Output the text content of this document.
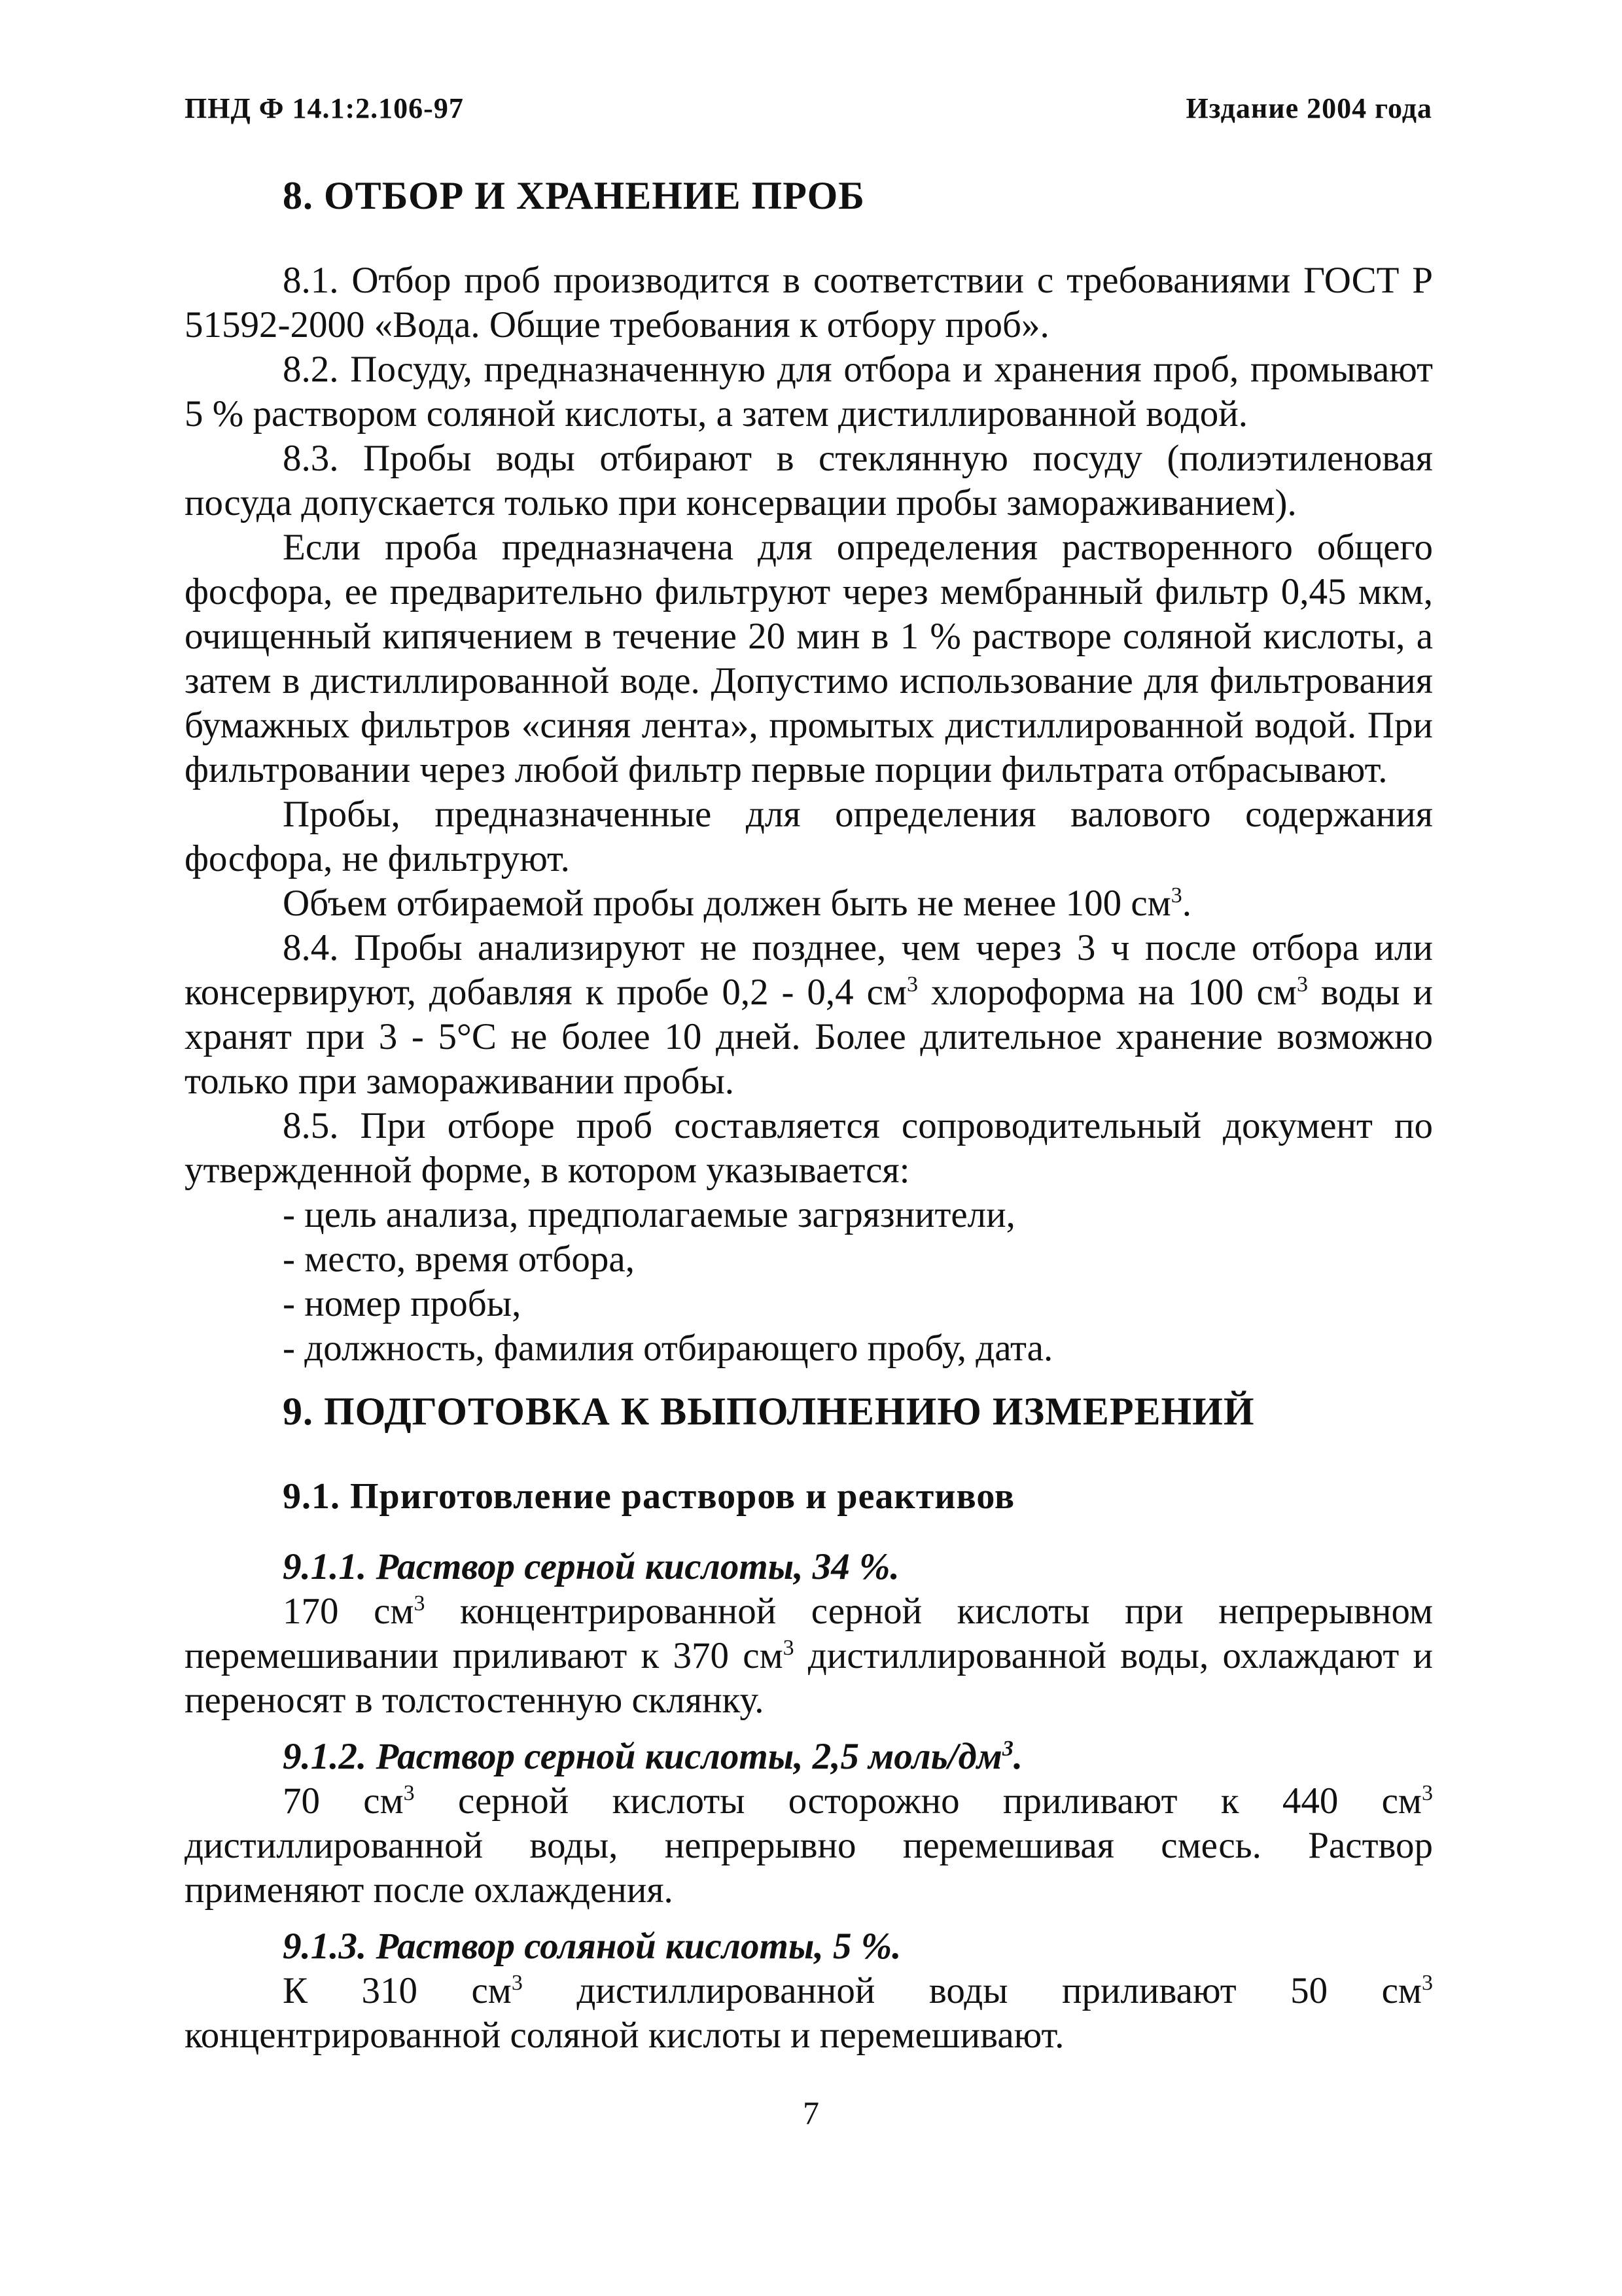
ПНД Ф 14.1:2.106-97	Издание 2004 года
8. ОТБОР И ХРАНЕНИЕ ПРОБ

8.1. Отбор проб производится в соответствии с требованиями ГОСТ Р 51592-2000 «Вода. Общие требования к отбору проб».

8.2. Посуду, предназначенную для отбора и хранения проб, промывают 5 % раствором соляной кислоты, а затем дистиллированной водой.

8.3. Пробы воды отбирают в стеклянную посуду (полиэтиленовая посуда допускается только при консервации пробы замораживанием).

Если проба предназначена для определения растворенного общего фосфора, ее предварительно фильтруют через мембранный фильтр 0,45 мкм, очищенный кипячением в течение 20 мин в 1 % растворе соляной кислоты, а затем в дистиллированной воде. Допустимо использование для фильтрования бумажных фильтров «синяя лента», промытых дистиллированной водой. При фильтровании через любой фильтр первые порции фильтрата отбрасывают.

Пробы, предназначенные для определения валового содержания фосфора, не фильтруют.

Объем отбираемой пробы должен быть не менее 100 $см^3$.

8.4. Пробы анализируют не позднее, чем через 3 ч после отбора или консервируют, добавляя к пробе 0,2 - 0,4 $см^3$ хлороформа на 100 $см^3$ воды и хранят при 3 - 5°С не более 10 дней. Более длительное хранение возможно только при замораживании пробы.

8.5. При отборе проб составляется сопроводительный документ по утвержденной форме, в котором указывается:

- цель анализа, предполагаемые загрязнители,
- место, время отбора,
- номер пробы,
- должность, фамилия отбирающего пробу, дата.
9. ПОДГОТОВКА К ВЫПОЛНЕНИЮ ИЗМЕРЕНИЙ
9.1. Приготовление растворов и реактивов
9.1.1. Раствор серной кислоты, 34 %.

170 $см^3$ концентрированной серной кислоты при непрерывном перемешивании приливают к 370 $см^3$ дистиллированной воды, охлаждают и переносят в толстостенную склянку.

9.1.2. Раствор серной кислоты, 2,5 моль/$дм^3$.

70 $см^3$ серной кислоты осторожно приливают к 440 $см^3$ дистиллированной воды, непрерывно перемешивая смесь. Раствор применяют после охлаждения.

9.1.3. Раствор соляной кислоты, 5 %.

К 310 $см^3$ дистиллированной воды приливают 50 $см^3$ концентрированной соляной кислоты и перемешивают.

7
